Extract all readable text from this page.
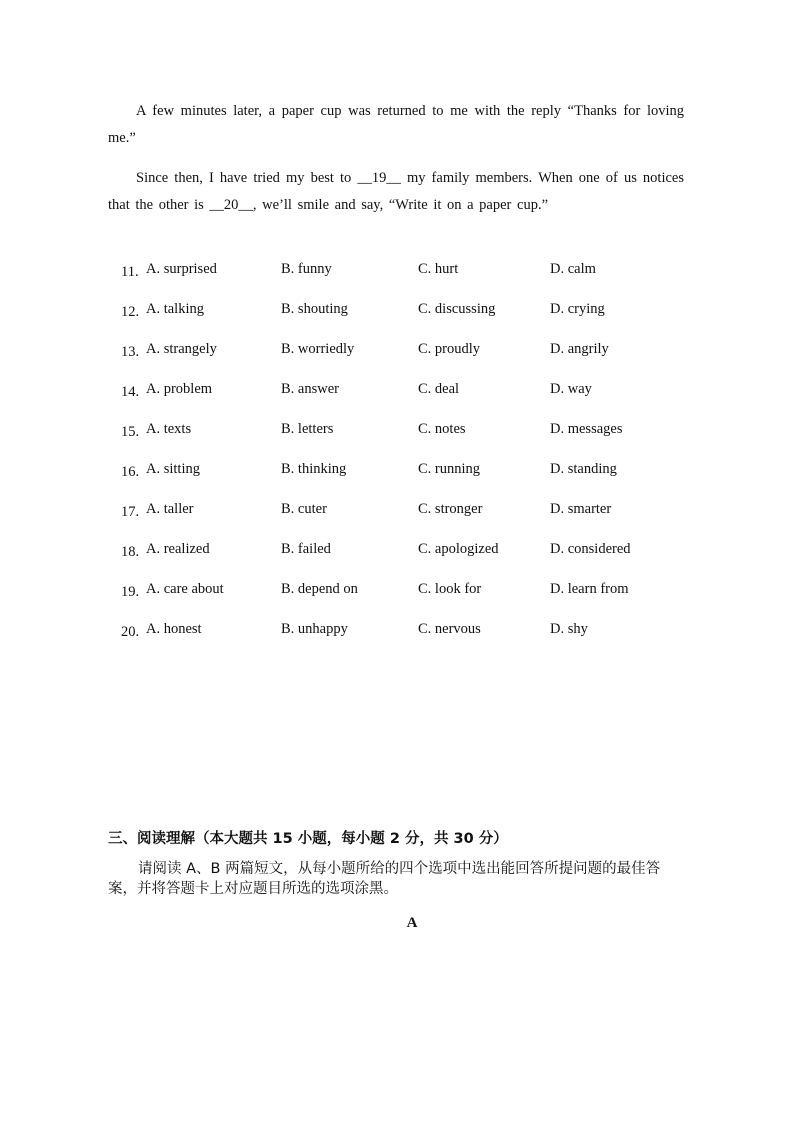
A few minutes later, a paper cup was returned to me with the reply “Thanks for loving me.”

Since then, I have tried my best to __19__ my family members. When one of us notices that the other is __20__, we’ll smile and say, “Write it on a paper cup.”

11. A. surprised	B. funny	C. hurt	D. calm
12. A. talking	B. shouting	C. discussing	D. crying
13. A. strangely	B. worriedly	C. proudly	D. angrily
14. A. problem	B. answer	C. deal	D. way
15. A. texts	B. letters	C. notes	D. messages
16. A. sitting	B. thinking	C. running	D. standing
17. A. taller	B. cuter	C. stronger	D. smarter
18. A. realized	B. failed	C. apologized	D. considered
19. A. care about	B. depend on	C. look for	D. learn from
20. A. honest	B. unhappy	C. nervous	D. shy
三、阅读理解（本大题共 15 小题，每小题 2 分，共 30 分）

请阅读 A、B 两篇短文，从每小题所给的四个选项中选出能回答所提问题的最佳答案，并将答题卡上对应题目所选的选项涂黑。

A
